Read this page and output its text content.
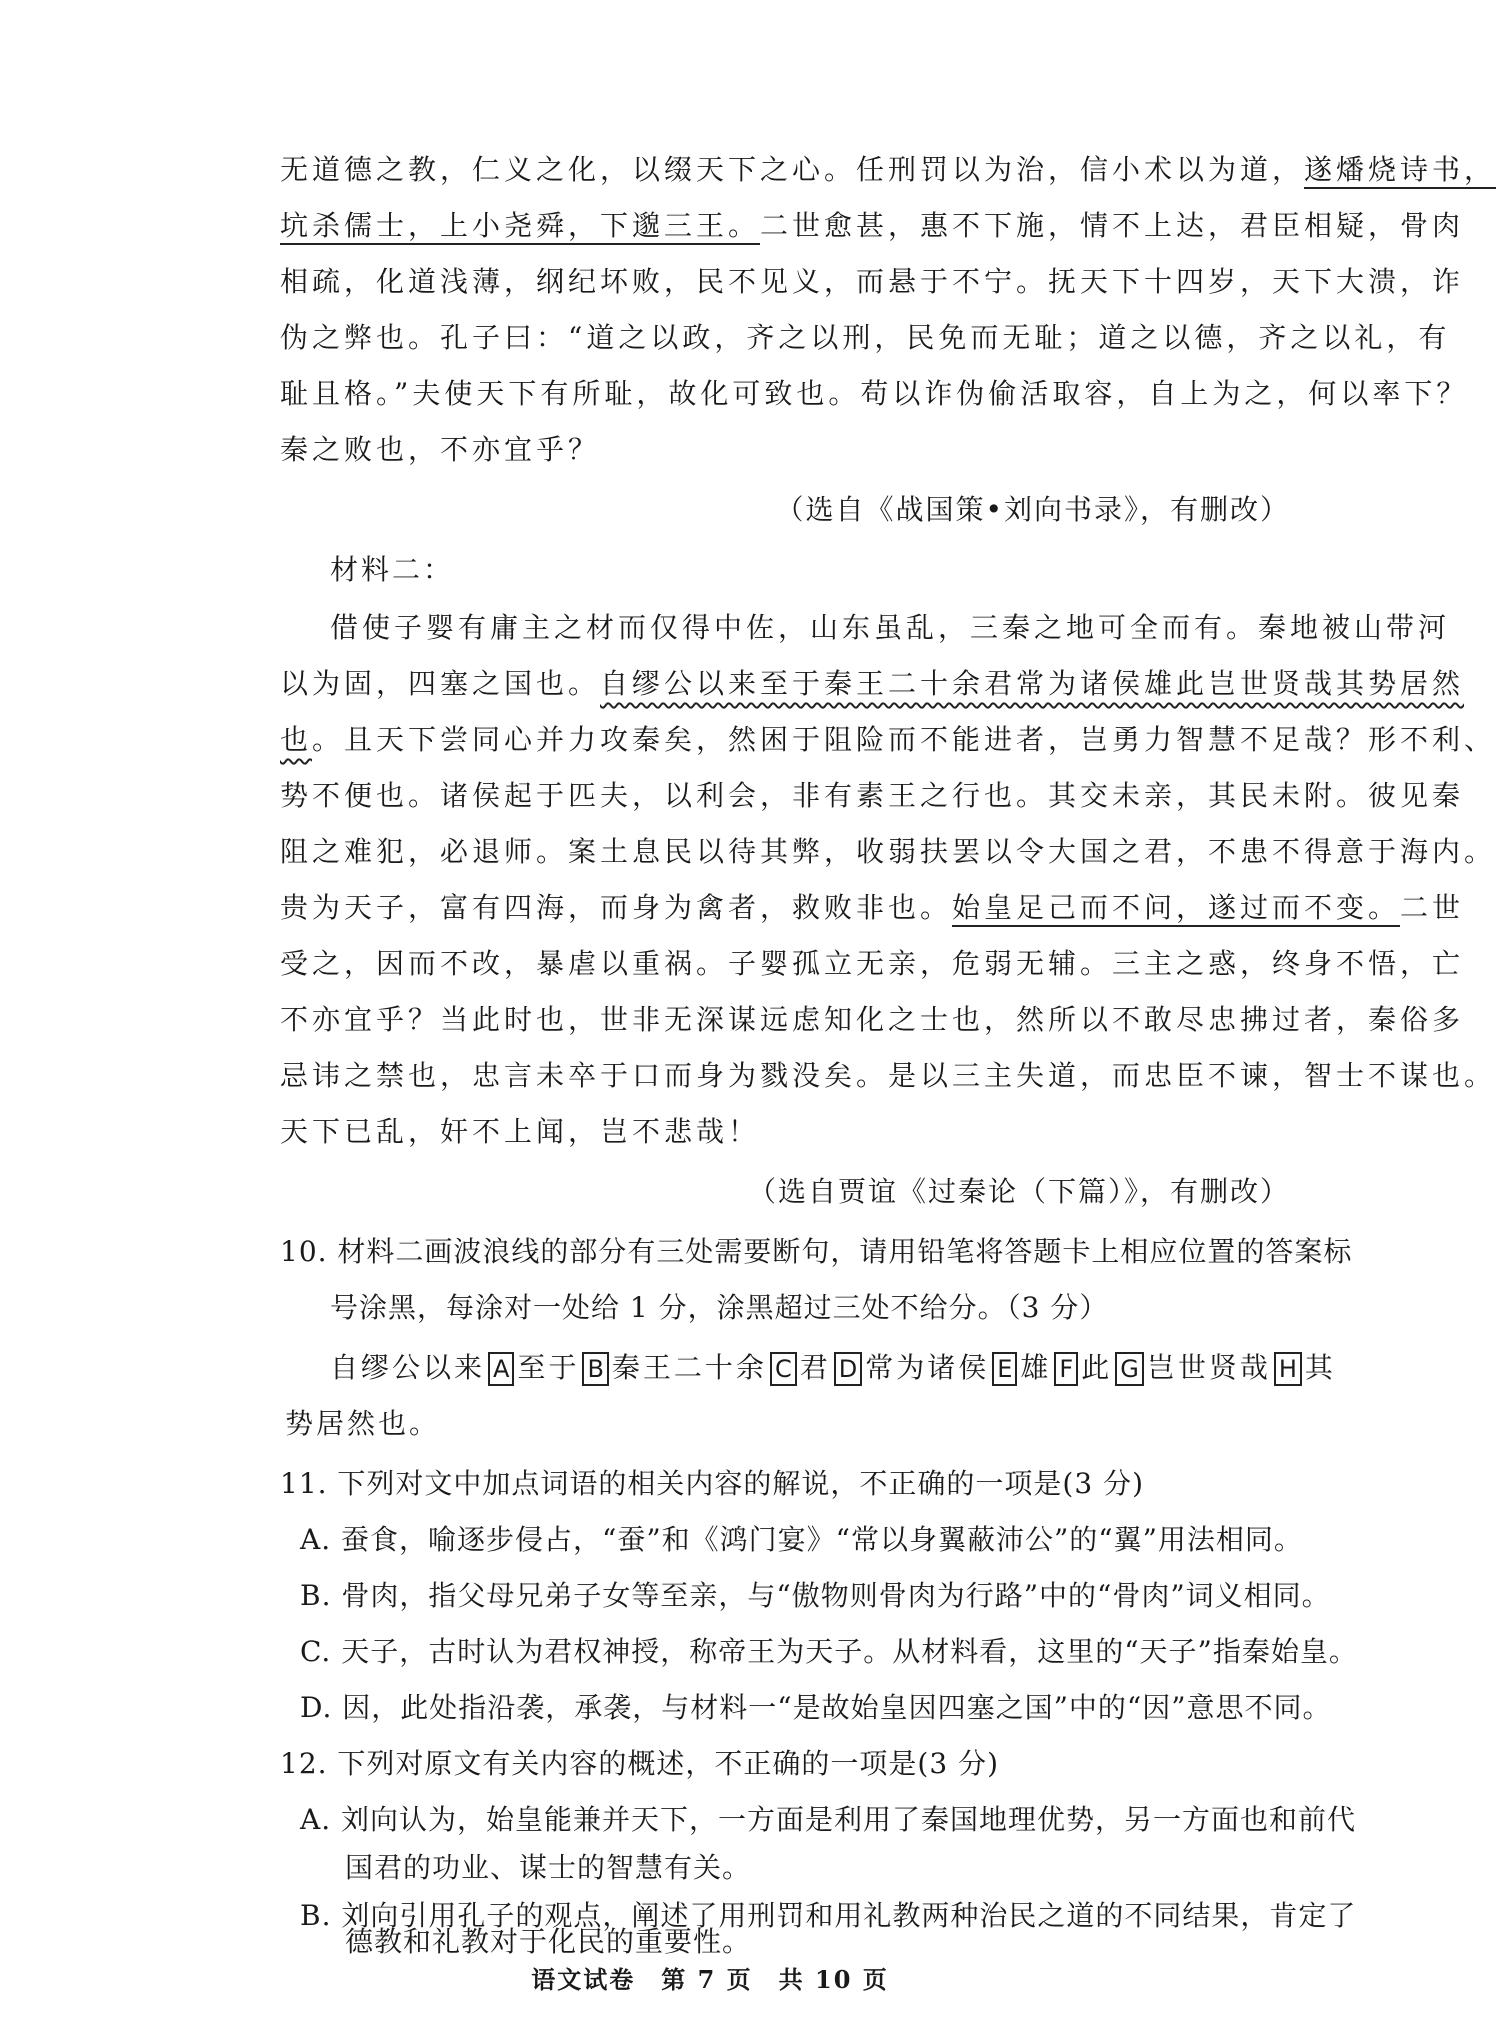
无道德之教，仁义之化，以缀天下之心。任刑罚以为治，信小术以为道，遂燔烧诗书，
坑杀儒士，上小尧舜，下邈三王。二世愈甚，惠不下施，情不上达，君臣相疑，骨肉
相疏，化道浅薄，纲纪坏败，民不见义，而悬于不宁。抚天下十四岁，天下大溃，诈
伪之弊也。孔子曰：“道之以政，齐之以刑，民免而无耻；道之以德，齐之以礼，有
耻且格。”夫使天下有所耻，故化可致也。苟以诈伪偷活取容，自上为之，何以率下？
秦之败也，不亦宜乎？
（选自《战国策•刘向书录》，有删改）
材料二：
借使子婴有庸主之材而仅得中佐，山东虽乱，三秦之地可全而有。秦地被山带河
以为固，四塞之国也。自缪公以来至于秦王二十余君常为诸侯雄此岂世贤哉其势居然
也。且天下尝同心并力攻秦矣，然困于阻险而不能进者，岂勇力智慧不足哉？形不利、
势不便也。诸侯起于匹夫，以利会，非有素王之行也。其交未亲，其民未附。彼见秦
阻之难犯，必退师。案土息民以待其弊，收弱扶罢以令大国之君，不患不得意于海内。
贵为天子，富有四海，而身为禽者，救败非也。始皇足己而不问，遂过而不变。二世
受之，因而不改，暴虐以重祸。子婴孤立无亲，危弱无辅。三主之惑，终身不悟，亡
不亦宜乎？当此时也，世非无深谋远虑知化之士也，然所以不敢尽忠拂过者，秦俗多
忌讳之禁也，忠言未卒于口而身为戮没矣。是以三主失道，而忠臣不谏，智士不谋也。
天下已乱，奸不上闻，岂不悲哉！
（选自贾谊《过秦论（下篇）》，有删改）
10. 材料二画波浪线的部分有三处需要断句，请用铅笔将答题卡上相应位置的答案标
号涂黑，每涂对一处给 1 分，涂黑超过三处不给分。（3 分）
自缪公以来 A 至于 B 秦王二十余 C 君 D 常为诸侯 E 雄 F 此 G 岂世贤哉 H 其
势居然也。
11. 下列对文中加点词语的相关内容的解说，不正确的一项是(3 分)
A. 蚕食，喻逐步侵占，“蚕”和《鸿门宴》“常以身翼蔽沛公”的“翼”用法相同。
B. 骨肉，指父母兄弟子女等至亲，与“傲物则骨肉为行路”中的“骨肉”词义相同。
C. 天子，古时认为君权神授，称帝王为天子。从材料看，这里的“天子”指秦始皇。
D. 因，此处指沿袭，承袭，与材料一“是故始皇因四塞之国”中的“因”意思不同。
12. 下列对原文有关内容的概述，不正确的一项是(3 分)
语文试卷　第 7 页　共 10 页
A. 刘向认为，始皇能兼并天下，一方面是利用了秦国地理优势，另一方面也和前代
国君的功业、谋士的智慧有关。
B. 刘向引用孔子的观点，阐述了用刑罚和用礼教两种治民之道的不同结果，肯定了
德教和礼教对于化民的重要性。
